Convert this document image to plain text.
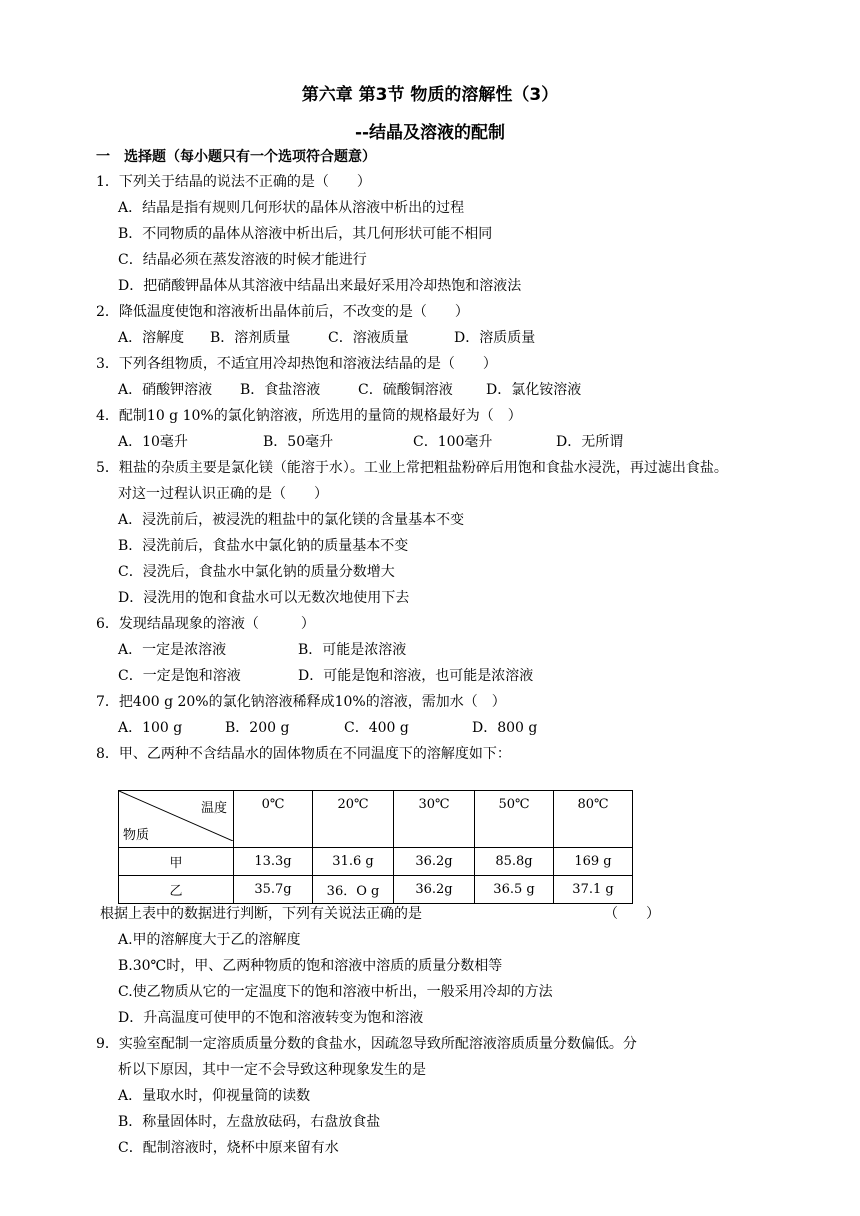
第六章 第3节 物质的溶解性（3）
--结晶及溶液的配制
一　选择题（每小题只有一个选项符合题意）
1．下列关于结晶的说法不正确的是（　　）
A．结晶是指有规则几何形状的晶体从溶液中析出的过程
B．不同物质的晶体从溶液中析出后，其几何形状可能不相同
C．结晶必须在蒸发溶液的时候才能进行
D．把硝酸钾晶体从其溶液中结晶出来最好采用冷却热饱和溶液法
2．降低温度使饱和溶液析出晶体前后，不改变的是（　　）
A．溶解度	B．溶剂质量	C．溶液质量	D．溶质质量
3．下列各组物质，不适宜用冷却热饱和溶液法结晶的是（　　）
A．硝酸钾溶液	B．食盐溶液	C．硫酸铜溶液	D．氯化铵溶液
4．配制10 g 10%的氯化钠溶液，所选用的量筒的规格最好为（　）
A．10毫升	B．50毫升	C．100毫升	D．无所谓
5．粗盐的杂质主要是氯化镁（能溶于水）。工业上常把粗盐粉碎后用饱和食盐水浸洗，再过滤出食盐。
对这一过程认识正确的是（　　）
A．浸洗前后，被浸洗的粗盐中的氯化镁的含量基本不变
B．浸洗前后，食盐水中氯化钠的质量基本不变
C．浸洗后，食盐水中氯化钠的质量分数增大
D．浸洗用的饱和食盐水可以无数次地使用下去
6．发现结晶现象的溶液（　　　）
A．一定是浓溶液	B．可能是浓溶液
C．一定是饱和溶液	D．可能是饱和溶液，也可能是浓溶液
7．把400 g 20%的氯化钠溶液稀释成10%的溶液，需加水（　）
A．100 g	B．200 g	C．400 g	D．800 g
8．甲、乙两种不含结晶水的固体物质在不同温度下的溶解度如下：
温度
物质	0℃	20℃	30℃	50℃	80℃
甲	13.3g	31.6 g	36.2g	85.8g	169 g
乙	35.7g	36．O g	36.2g	36.5 g	37.1 g
根据上表中的数据进行判断，下列有关说法正确的是	（　　）
A.甲的溶解度大于乙的溶解度
B.30℃时，甲、乙两种物质的饱和溶液中溶质的质量分数相等
C.使乙物质从它的一定温度下的饱和溶液中析出，一般采用冷却的方法
D．升高温度可使甲的不饱和溶液转变为饱和溶液
9．实验室配制一定溶质质量分数的食盐水，因疏忽导致所配溶液溶质质量分数偏低。分
析以下原因，其中一定不会导致这种现象发生的是
A．量取水时，仰视量筒的读数
B．称量固体时，左盘放砝码，右盘放食盐
C．配制溶液时，烧杯中原来留有水
